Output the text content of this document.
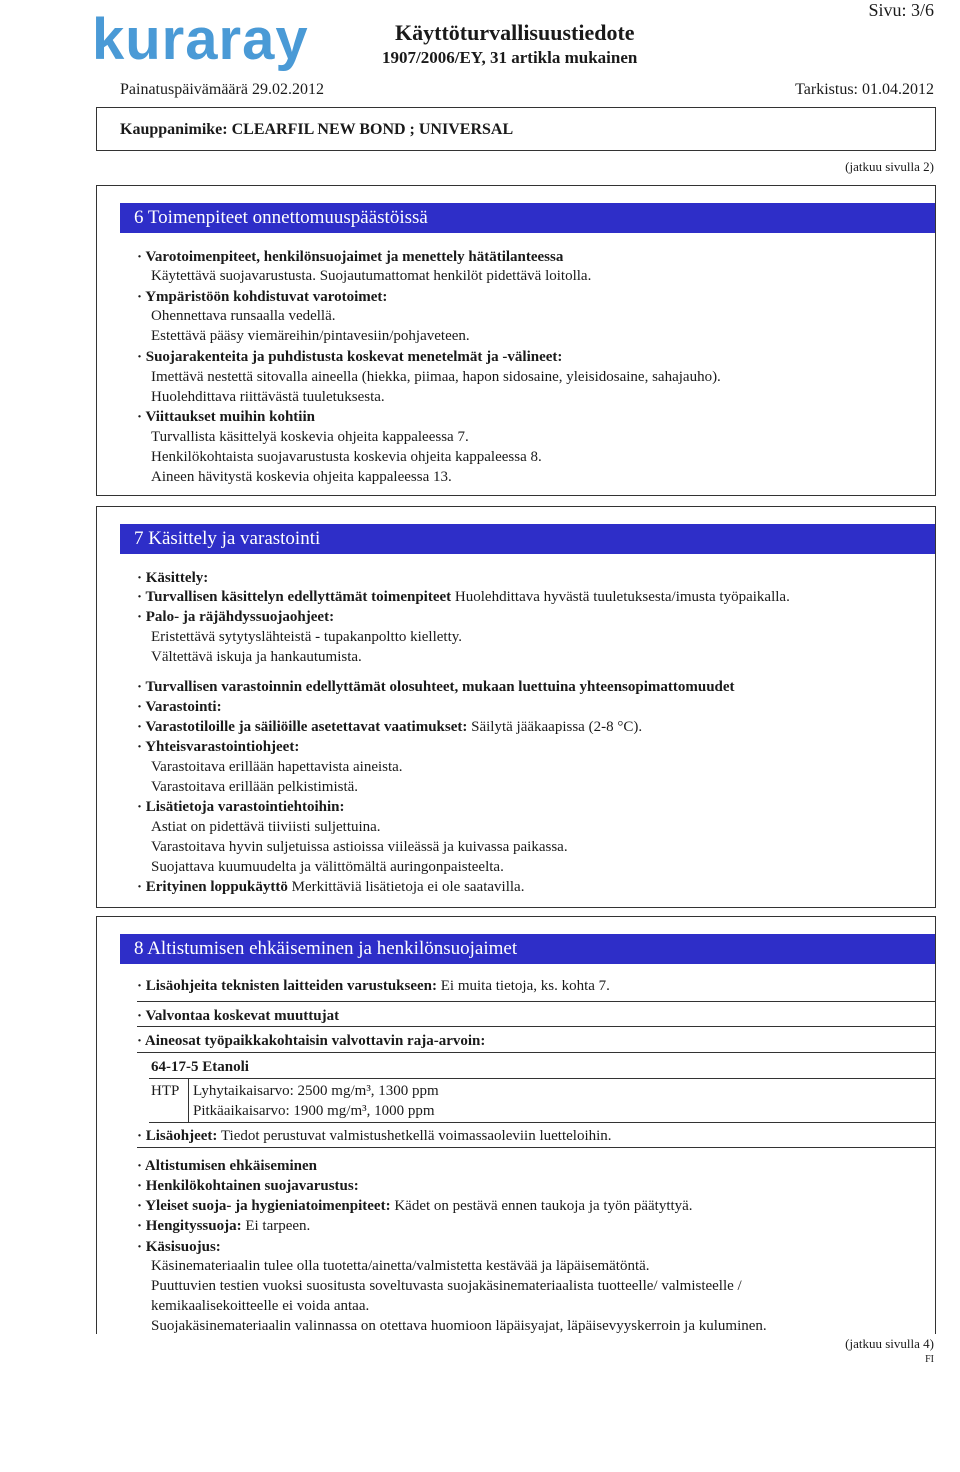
kuraray	Sivu: 3/6
Käyttöturvallisuustiedote
1907/2006/EY, 31 artikla mukainen
Painatuspäivämäärä 29.02.2012	Tarkistus: 01.04.2012
Kauppanimike: CLEARFIL NEW BOND ; UNIVERSAL
(jatkuu sivulla 2)
6 Toimenpiteet onnettomuuspäästöissä
· Varotoimenpiteet, henkilönsuojaimet ja menettely hätätilanteessa
Käytettävä suojavarustusta. Suojautumattomat henkilöt pidettävä loitolla.
· Ympäristöön kohdistuvat varotoimet:
Ohennettava runsaalla vedellä.
Estettävä pääsy viemäreihin/pintavesiin/pohjaveteen.
· Suojarakenteita ja puhdistusta koskevat menetelmät ja -välineet:
Imettävä nestettä sitovalla aineella (hiekka, piimaa, hapon sidosaine, yleisidosaine, sahajauho).
Huolehdittava riittävästä tuuletuksesta.
· Viittaukset muihin kohtiin
Turvallista käsittelyä koskevia ohjeita kappaleessa 7.
Henkilökohtaista suojavarustusta koskevia ohjeita kappaleessa 8.
Aineen hävitystä koskevia ohjeita kappaleessa 13.
7 Käsittely ja varastointi
· Käsittely:
· Turvallisen käsittelyn edellyttämät toimenpiteet Huolehdittava hyvästä tuuletuksesta/imusta työpaikalla.
· Palo- ja räjähdyssuojaohjeet:
Eristettävä sytytyslähteistä - tupakanpoltto kielletty.
Vältettävä iskuja ja hankautumista.
· Turvallisen varastoinnin edellyttämät olosuhteet, mukaan luettuina yhteensopimattomuudet
· Varastointi:
· Varastotiloille ja säiliöille asetettavat vaatimukset: Säilytä jääkaapissa (2-8 °C).
· Yhteisvarastointiohjeet:
Varastoitava erillään hapettavista aineista.
Varastoitava erillään pelkistimistä.
· Lisätietoja varastointiehtoihin:
Astiat on pidettävä tiiviisti suljettuina.
Varastoitava hyvin suljetuissa astioissa viileässä ja kuivassa paikassa.
Suojattava kuumuudelta ja välittömältä auringonpaisteelta.
· Erityinen loppukäyttö Merkittäviä lisätietoja ei ole saatavilla.
8 Altistumisen ehkäiseminen ja henkilönsuojaimet
· Lisäohjeita teknisten laitteiden varustukseen: Ei muita tietoja, ks. kohta 7.
· Valvontaa koskevat muuttujat
· Aineosat työpaikkakohtaisin valvottavin raja-arvoin:
64-17-5 Etanoli
HTP Lyhytaikaisarvo: 2500 mg/m³, 1300 ppm
Pitkäaikaisarvo: 1900 mg/m³, 1000 ppm
· Lisäohjeet: Tiedot perustuvat valmistushetkellä voimassaoleviin luetteloihin.
· Altistumisen ehkäiseminen
· Henkilökohtainen suojavarustus:
· Yleiset suoja- ja hygieniatoimenpiteet: Kädet on pestävä ennen taukoja ja työn päätyttyä.
· Hengityssuoja: Ei tarpeen.
· Käsisuojus:
Käsinemateriaalin tulee olla tuotetta/ainetta/valmistetta kestävää ja läpäisemätöntä.
Puuttuvien testien vuoksi suositusta soveltuvasta suojakäsinemateriaalista tuotteelle/ valmisteelle /
kemikaalisekoitteelle ei voida antaa.
Suojakäsinemateriaalin valinnassa on otettava huomioon läpäisyajat, läpäisevyyskerroin ja kuluminen.
(jatkuu sivulla 4)
FI
